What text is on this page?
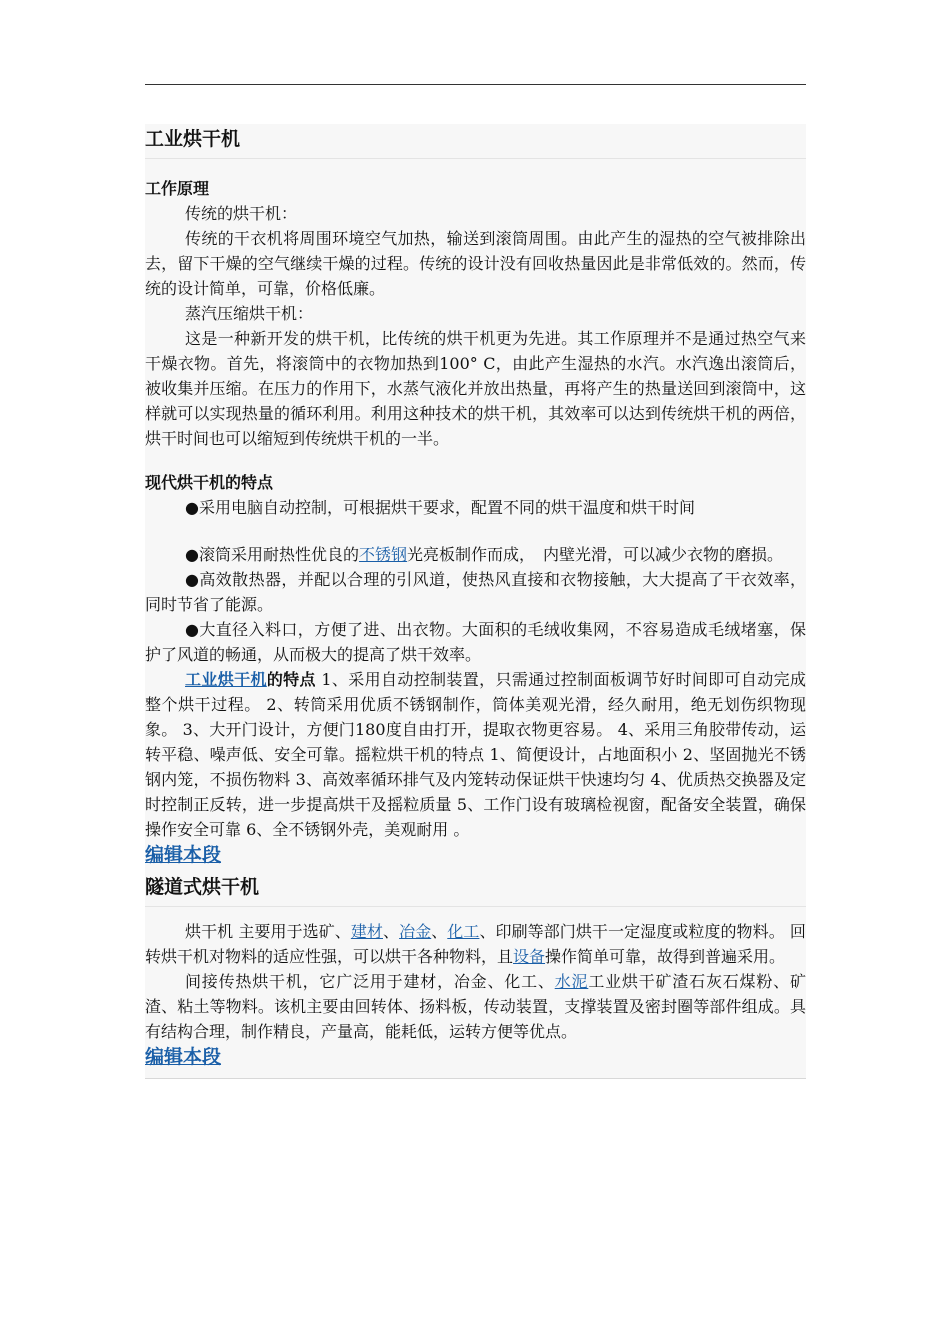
工业烘干机
工作原理

传统的烘干机：

传统的干衣机将周围环境空气加热，输送到滚筒周围。由此产生的湿热的空气被排除出去，留下干燥的空气继续干燥的过程。传统的设计没有回收热量因此是非常低效的。然而，传统的设计简单，可靠，价格低廉。

蒸汽压缩烘干机：

这是一种新开发的烘干机，比传统的烘干机更为先进。其工作原理并不是通过热空气来干燥衣物。首先，将滚筒中的衣物加热到100° C，由此产生湿热的水汽。水汽逸出滚筒后，被收集并压缩。在压力的作用下，水蒸气液化并放出热量，再将产生的热量送回到滚筒中，这样就可以实现热量的循环利用。利用这种技术的烘干机，其效率可以达到传统烘干机的两倍，烘干时间也可以缩短到传统烘干机的一半。

现代烘干机的特点

●采用电脑自动控制，可根据烘干要求，配置不同的烘干温度和烘干时间

●滚筒采用耐热性优良的不锈钢光亮板制作而成，　内壁光滑，可以减少衣物的磨损。

●高效散热器，并配以合理的引风道，使热风直接和衣物接触，大大提高了干衣效率，同时节省了能源。

●大直径入料口，方便了进、出衣物。大面积的毛绒收集网，不容易造成毛绒堵塞，保护了风道的畅通，从而极大的提高了烘干效率。

工业烘干机的特点 1、采用自动控制装置，只需通过控制面板调节好时间即可自动完成整个烘干过程。 2、转筒采用优质不锈钢制作，筒体美观光滑，经久耐用，绝无划伤织物现象。 3、大开门设计，方便门180度自由打开，提取衣物更容易。 4、采用三角胶带传动，运转平稳、噪声低、安全可靠。摇粒烘干机的特点 1、简便设计，占地面积小 2、坚固抛光不锈钢内笼，不损伤物料 3、高效率循环排气及内笼转动保证烘干快速均匀 4、优质热交换器及定时控制正反转，进一步提高烘干及摇粒质量 5、工作门设有玻璃检视窗，配备安全装置，确保操作安全可靠 6、全不锈钢外壳，美观耐用 。

编辑本段
隧道式烘干机

烘干机 主要用于选矿、建材、冶金、化工、印刷等部门烘干一定湿度或粒度的物料。 回转烘干机对物料的适应性强，可以烘干各种物料，且设备操作简单可靠，故得到普遍采用。

间接传热烘干机，它广泛用于建材，冶金、化工、水泥工业烘干矿渣石灰石煤粉、矿渣、粘土等物料。该机主要由回转体、扬料板，传动装置，支撑装置及密封圈等部件组成。具有结构合理，制作精良，产量高，能耗低，运转方便等优点。

编辑本段
